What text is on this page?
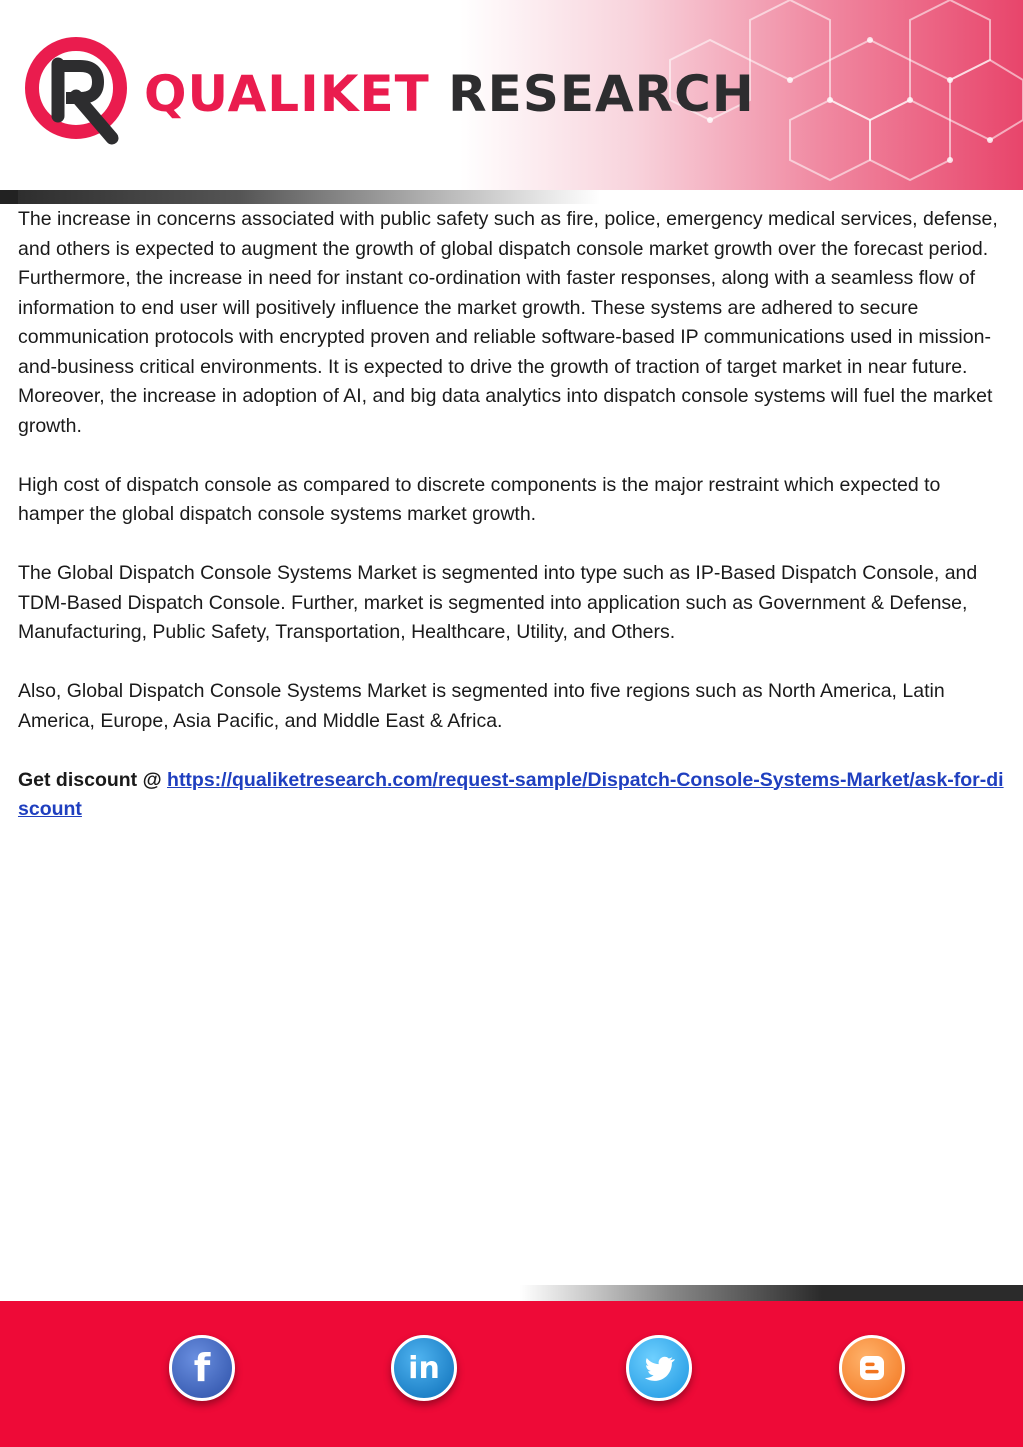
QUALIKET RESEARCH

The increase in concerns associated with public safety such as fire, police, emergency medical services, defense, and others is expected to augment the growth of global dispatch console market growth over the forecast period. Furthermore, the increase in need for instant co-ordination with faster responses, along with a seamless flow of information to end user will positively influence the market growth. These systems are adhered to secure communication protocols with encrypted proven and reliable software-based IP communications used in mission-and-business critical environments. It is expected to drive the growth of traction of target market in near future. Moreover, the increase in adoption of AI, and big data analytics into dispatch console systems will fuel the market growth.

High cost of dispatch console as compared to discrete components is the major restraint which expected to hamper the global dispatch console systems market growth.

The Global Dispatch Console Systems Market is segmented into type such as IP-Based Dispatch Console, and TDM-Based Dispatch Console. Further, market is segmented into application such as Government & Defense, Manufacturing, Public Safety, Transportation, Healthcare, Utility, and Others.

Also, Global Dispatch Console Systems Market is segmented into five regions such as North America, Latin America, Europe, Asia Pacific, and Middle East & Africa.

Get discount @ https://qualiketresearch.com/request-sample/Dispatch-Console-Systems-Market/ask-for-discount

f	in
